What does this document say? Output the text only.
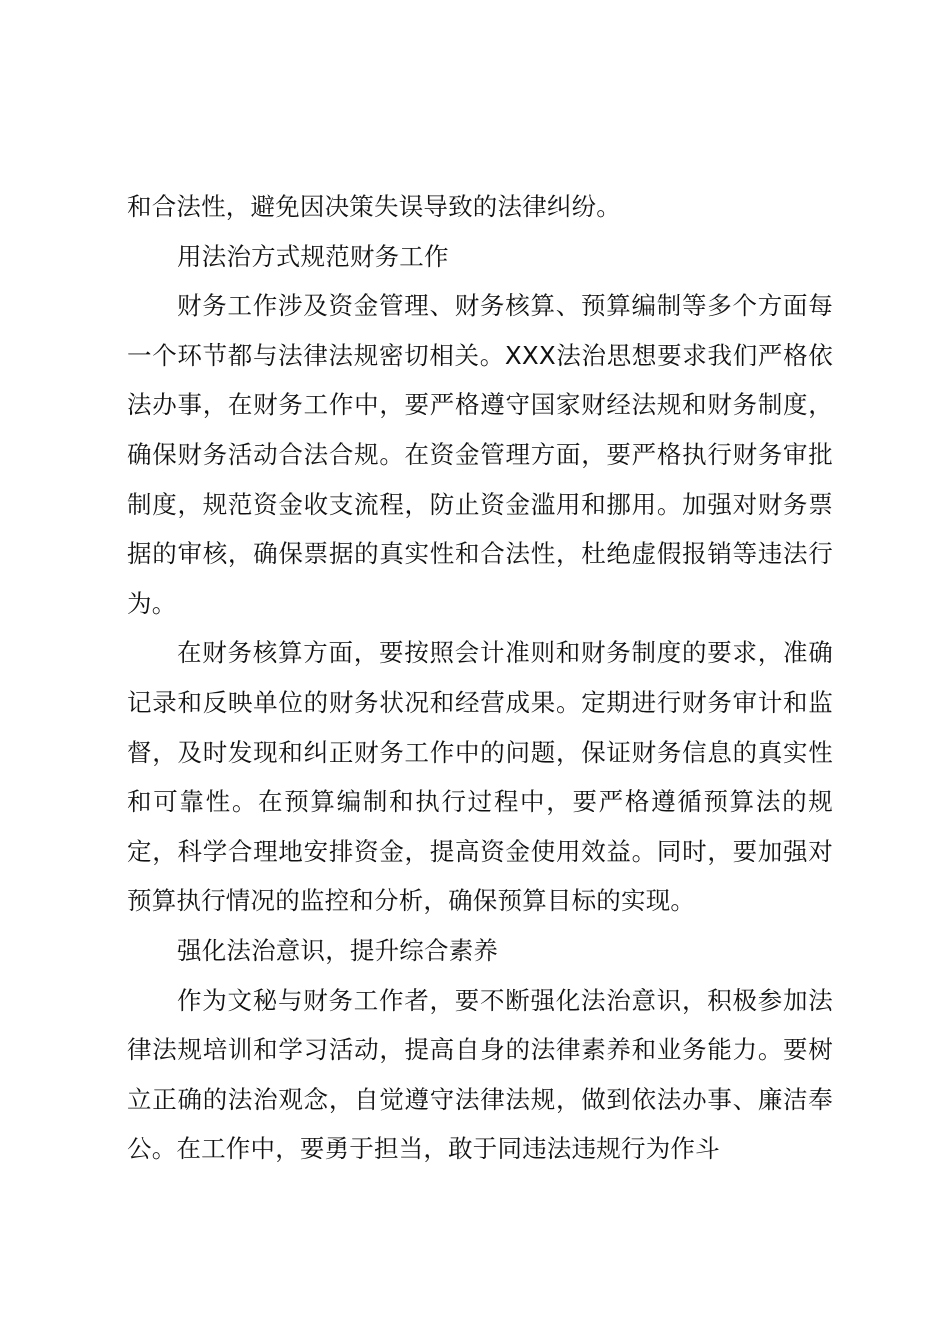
和合法性，避免因决策失误导致的法律纠纷。

用法治方式规范财务工作

财务工作涉及资金管理、财务核算、预算编制等多个方面每一个环节都与法律法规密切相关。XXX法治思想要求我们严格依法办事，在财务工作中，要严格遵守国家财经法规和财务制度，确保财务活动合法合规。在资金管理方面，要严格执行财务审批制度，规范资金收支流程，防止资金滥用和挪用。加强对财务票据的审核，确保票据的真实性和合法性，杜绝虚假报销等违法行为。

在财务核算方面，要按照会计准则和财务制度的要求，准确记录和反映单位的财务状况和经营成果。定期进行财务审计和监督，及时发现和纠正财务工作中的问题，保证财务信息的真实性和可靠性。在预算编制和执行过程中，要严格遵循预算法的规定，科学合理地安排资金，提高资金使用效益。同时，要加强对预算执行情况的监控和分析，确保预算目标的实现。

强化法治意识，提升综合素养

作为文秘与财务工作者，要不断强化法治意识，积极参加法律法规培训和学习活动，提高自身的法律素养和业务能力。要树立正确的法治观念，自觉遵守法律法规，做到依法办事、廉洁奉公。在工作中，要勇于担当，敢于同违法违规行为作斗
